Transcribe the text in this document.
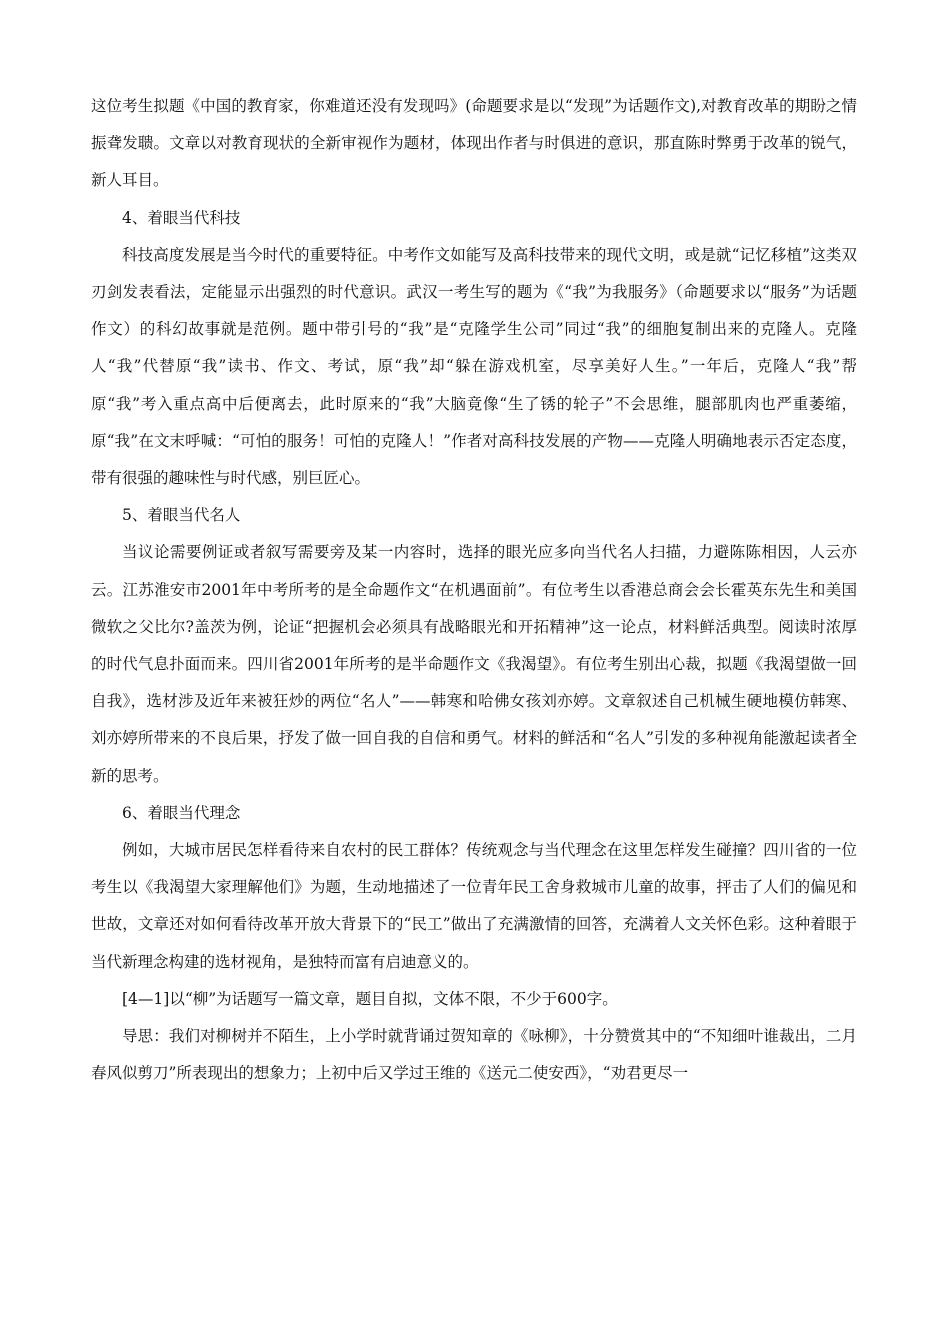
这位考生拟题《中国的教育家，你难道还没有发现吗》(命题要求是以“发现”为话题作文),对教育改革的期盼之情振聋发聩。文章以对教育现状的全新审视作为题材，体现出作者与时俱进的意识，那直陈时弊勇于改革的锐气，新人耳目。

4、着眼当代科技

科技高度发展是当今时代的重要特征。中考作文如能写及高科技带来的现代文明，或是就“记忆移植”这类双刃剑发表看法，定能显示出强烈的时代意识。武汉一考生写的题为《“我”为我服务》（命题要求以“服务”为话题作文）的科幻故事就是范例。题中带引号的“我”是“克隆学生公司”同过“我”的细胞复制出来的克隆人。克隆人“我”代替原“我”读书、作文、考试，原“我”却“躲在游戏机室，尽享美好人生。”一年后，克隆人“我”帮原“我”考入重点高中后便离去，此时原来的“我”大脑竟像“生了锈的轮子”不会思维，腿部肌肉也严重萎缩，原“我”在文末呼喊：“可怕的服务！可怕的克隆人！”作者对高科技发展的产物——克隆人明确地表示否定态度，带有很强的趣味性与时代感，别巨匠心。

5、着眼当代名人

当议论需要例证或者叙写需要旁及某一内容时，选择的眼光应多向当代名人扫描，力避陈陈相因，人云亦云。江苏淮安市2001年中考所考的是全命题作文“在机遇面前”。有位考生以香港总商会会长霍英东先生和美国微软之父比尔?盖茨为例，论证“把握机会必须具有战略眼光和开拓精神”这一论点，材料鲜活典型。阅读时浓厚的时代气息扑面而来。四川省2001年所考的是半命题作文《我渴望》。有位考生别出心裁，拟题《我渴望做一回自我》，选材涉及近年来被狂炒的两位“名人”——韩寒和哈佛女孩刘亦婷。文章叙述自己机械生硬地模仿韩寒、刘亦婷所带来的不良后果，抒发了做一回自我的自信和勇气。材料的鲜活和“名人”引发的多种视角能激起读者全新的思考。

6、着眼当代理念

例如，大城市居民怎样看待来自农村的民工群体？传统观念与当代理念在这里怎样发生碰撞？四川省的一位考生以《我渴望大家理解他们》为题，生动地描述了一位青年民工舍身救城市儿童的故事，抨击了人们的偏见和世故，文章还对如何看待改革开放大背景下的“民工”做出了充满激情的回答，充满着人文关怀色彩。这种着眼于当代新理念构建的选材视角，是独特而富有启迪意义的。

[4—1]以“柳”为话题写一篇文章，题目自拟，文体不限，不少于600字。

导思：我们对柳树并不陌生，上小学时就背诵过贺知章的《咏柳》，十分赞赏其中的“不知细叶谁裁出，二月春风似剪刀”所表现出的想象力；上初中后又学过王维的《送元二使安西》，“劝君更尽一
